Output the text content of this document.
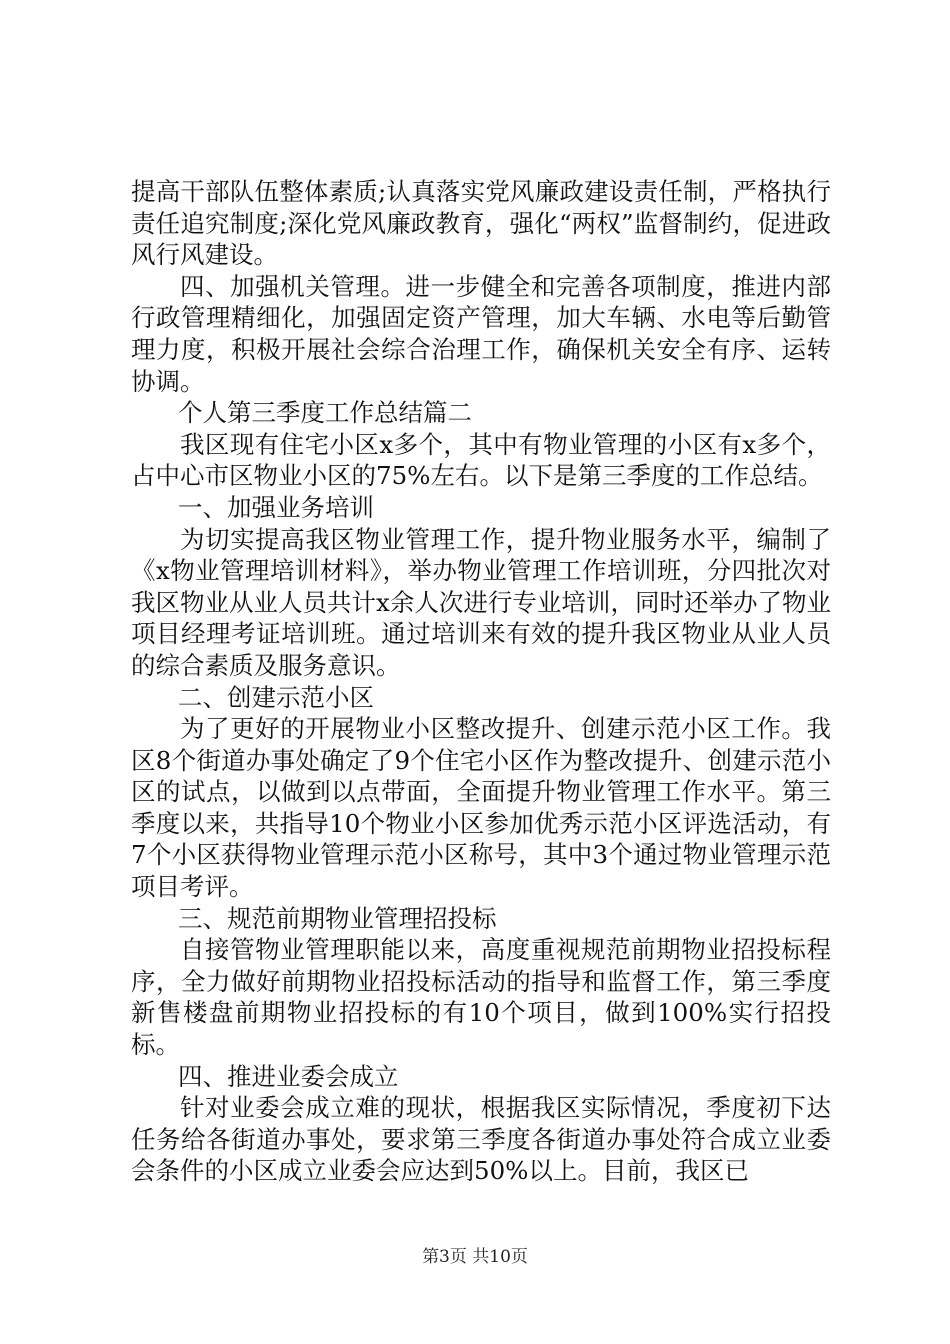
提高干部队伍整体素质;认真落实党风廉政建设责任制，严格执行责任追究制度;深化党风廉政教育，强化“两权”监督制约，促进政风行风建设。

四、加强机关管理。进一步健全和完善各项制度，推进内部行政管理精细化，加强固定资产管理，加大车辆、水电等后勤管理力度，积极开展社会综合治理工作，确保机关安全有序、运转协调。

个人第三季度工作总结篇二

我区现有住宅小区x多个，其中有物业管理的小区有x多个，占中心市区物业小区的75%左右。以下是第三季度的工作总结。

一、加强业务培训

为切实提高我区物业管理工作，提升物业服务水平，编制了《x物业管理培训材料》，举办物业管理工作培训班，分四批次对我区物业从业人员共计x余人次进行专业培训，同时还举办了物业项目经理考证培训班。通过培训来有效的提升我区物业从业人员的综合素质及服务意识。

二、创建示范小区

为了更好的开展物业小区整改提升、创建示范小区工作。我区8个街道办事处确定了9个住宅小区作为整改提升、创建示范小区的试点，以做到以点带面，全面提升物业管理工作水平。第三季度以来，共指导10个物业小区参加优秀示范小区评选活动，有7个小区获得物业管理示范小区称号，其中3个通过物业管理示范项目考评。

三、规范前期物业管理招投标

自接管物业管理职能以来，高度重视规范前期物业招投标程序，全力做好前期物业招投标活动的指导和监督工作，第三季度新售楼盘前期物业招投标的有10个项目，做到100%实行招投标。

四、推进业委会成立

针对业委会成立难的现状，根据我区实际情况，季度初下达任务给各街道办事处，要求第三季度各街道办事处符合成立业委会条件的小区成立业委会应达到50%以上。目前，我区已

第3页 共10页
